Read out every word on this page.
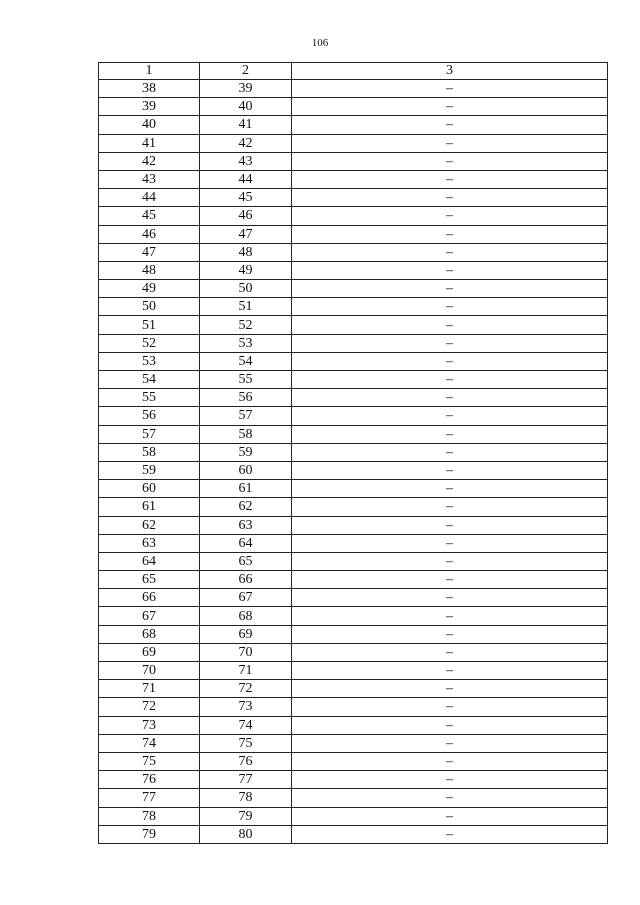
106
1	2	3
38	39	–
39	40	–
40	41	–
41	42	–
42	43	–
43	44	–
44	45	–
45	46	–
46	47	–
47	48	–
48	49	–
49	50	–
50	51	–
51	52	–
52	53	–
53	54	–
54	55	–
55	56	–
56	57	–
57	58	–
58	59	–
59	60	–
60	61	–
61	62	–
62	63	–
63	64	–
64	65	–
65	66	–
66	67	–
67	68	–
68	69	–
69	70	–
70	71	–
71	72	–
72	73	–
73	74	–
74	75	–
75	76	–
76	77	–
77	78	–
78	79	–
79	80	–
